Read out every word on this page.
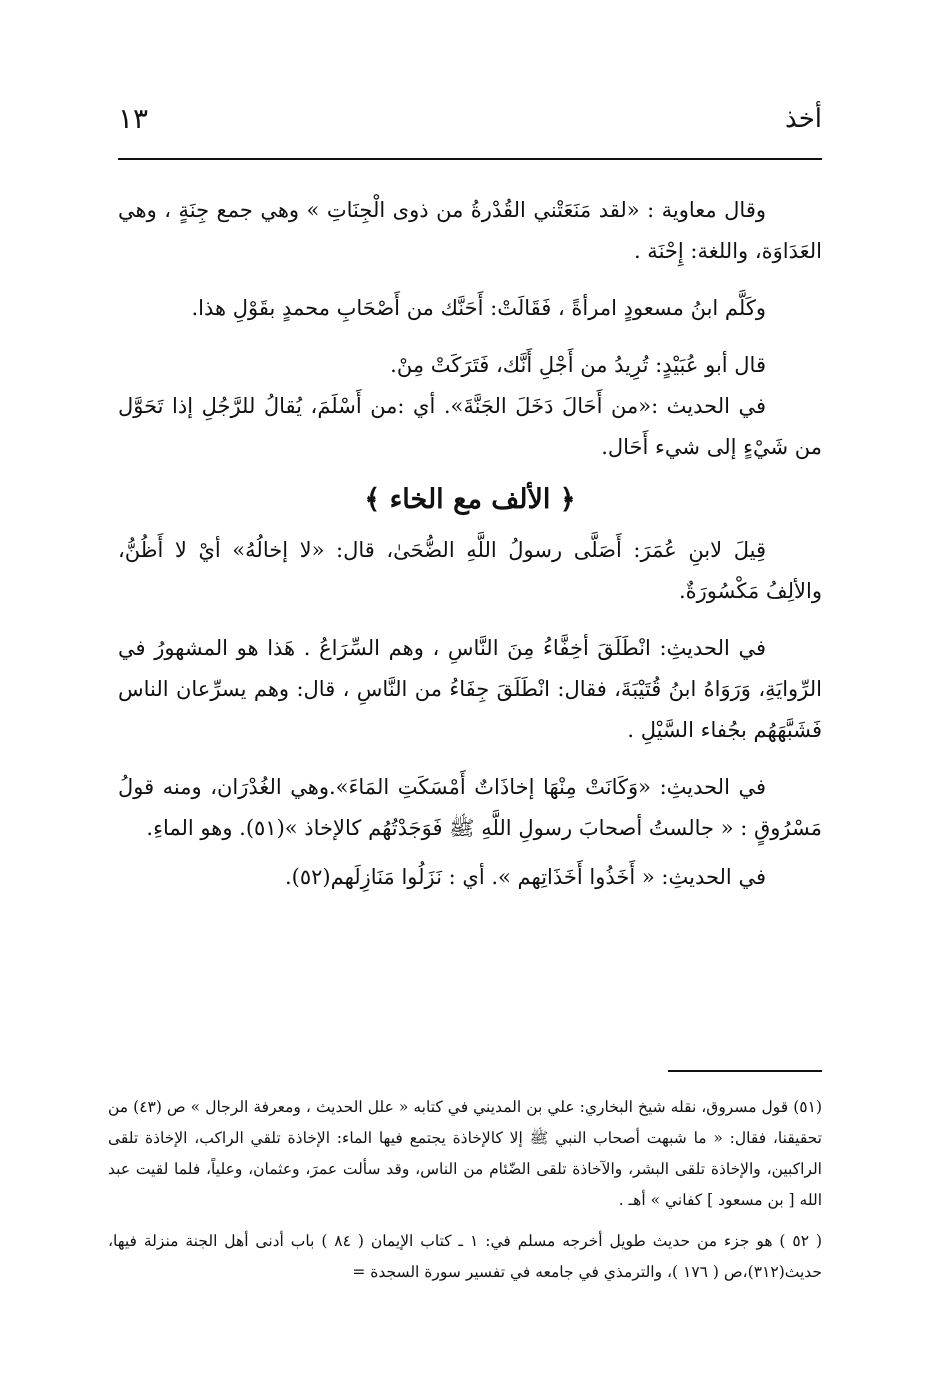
١٣	أخذ

وقال معاوية : «لقد مَنَعَتْني القُدْرةُ من ذوى الْجِنَاتِ » وهي جمع جِنَةٍ ، وهي العَدَاوَة، واللغة: إِحْنَة .

وكَلَّم ابنُ مسعودٍ امرأةً ، فَقَالَتْ: أَحَنَّك من أَصْحَابِ محمدٍ بقَوْلِ هذا.

قال أبو عُبَيْدٍ: تُرِيدُ من أَجْلِ أَنَّك، فَتَرَكَتْ مِنْ.

في الحديث :«من أَحَالَ دَخَلَ الجَنَّةَ». أي :من أَسْلَمَ، يُقالُ للرَّجُلِ إذا تَحَوَّل من شَيْءٍ إلى شيء أَحَال.

﴿ الألف مع الخاء ﴾

قِيلَ لابنِ عُمَرَ: أَصَلَّى رسولُ اللَّهِ الضُّحَىٰ، قال: «لا إخالُهُ» أيْ لا أَظُنُّ، والألِفُ مَكْسُورَةٌ.

في الحديثِ: انْطَلَقَ أخِفَّاءُ مِنَ النَّاسِ ، وهم السِّرَاعُ . هَذا هو المشهورُ في الرِّوايَةِ، وَرَوَاهُ ابنُ قُتَيْبَةَ، فقال: انْطَلَقَ جِفَاءُ من النَّاسِ ، قال: وهم يسرِّعان الناس فَشَبَّهَهُم بجُفاء السَّيْلِ .

في الحديثِ: «وَكَانَتْ مِنْهَا إخاذَاتٌ أَمْسَكَتِ المَاءَ».وهي الغُدْرَان، ومنه قولُ مَسْرُوقٍ : « جالستُ أصحابَ رسولِ اللَّهِ ﷺ فَوَجَدْتُهُم كالإخاذ »(٥١). وهو الماءِ.

في الحديثِ: « أَخَذُوا أَخَذَاتِهم ». أي : نَزَلُوا مَنَازِلَهم(٥٢).

(٥١) قول مسروق، نقله شيخ البخاري: علي بن المديني في كتابه « علل الحديث ، ومعرفة الرجال » ص (٤٣) من تحقيقنا، فقال: « ما شبهت أصحاب النبي ﷺ إلا كالإخاذة يجتمع فيها الماء: الإخاذة تلقي الراكب، الإخاذة تلقى الراكبين، والإخاذة تلقى البشر، والآخاذة تلقى الضّئام من الناس، وقد سألت عمرَ، وعثمان، وعلياً، فلما لقيت عبد الله [ بن مسعود ] كفاني » أهـ .

( ٥٢ ) هو جزء من حديث طويل أخرجه مسلم في: ١ ـ كتاب الإيمان ( ٨٤ ) باب أدنى أهل الجنة منزلة فيها، حديث(٣١٢)،ص ( ١٧٦ )، والترمذي في جامعه في تفسير سورة السجدة =
